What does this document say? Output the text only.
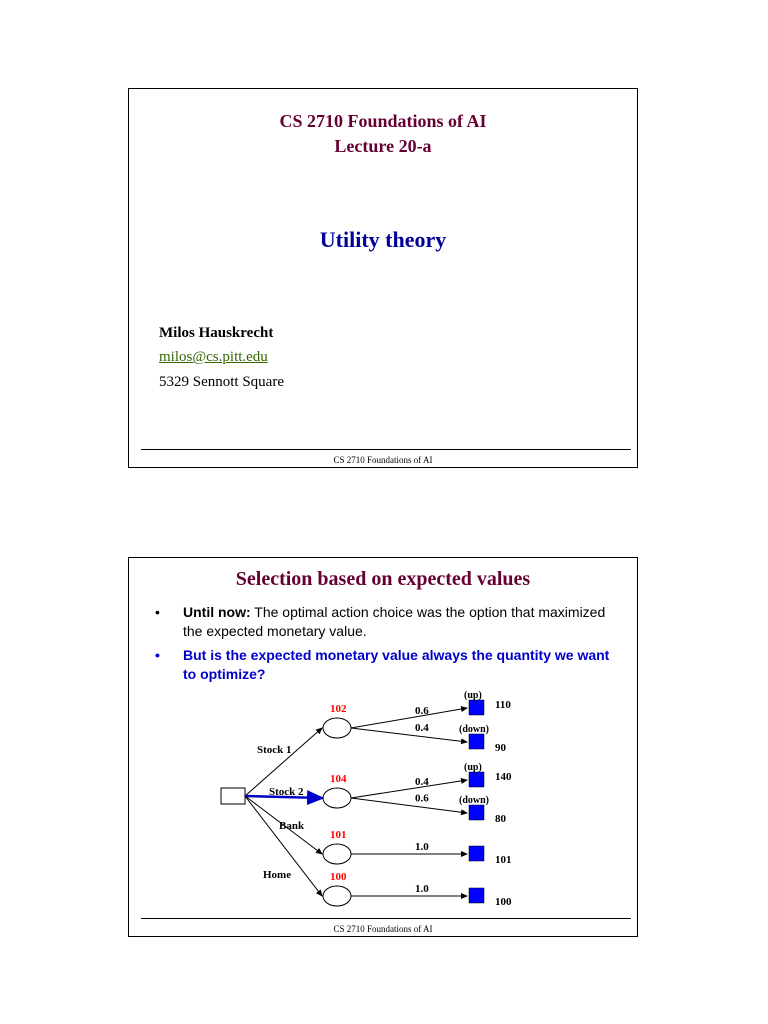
CS 2710 Foundations of AI
Lecture 20-a
Utility theory
Milos Hauskrecht
milos@cs.pitt.edu
5329 Sennott Square
CS 2710 Foundations of AI
Selection based on expected values
• Until now: The optimal action choice was the option that maximized the expected monetary value.
• But is the expected monetary value always the quantity we want to optimize?
102
Stock 1
0.6
(up)
110
0.4	(down)
90
104
Stock 2
0.4
(up)
140
0.6	(down)
80
101
Bank
1.0
101
100
Home
1.0
100
CS 2710 Foundations of AI
